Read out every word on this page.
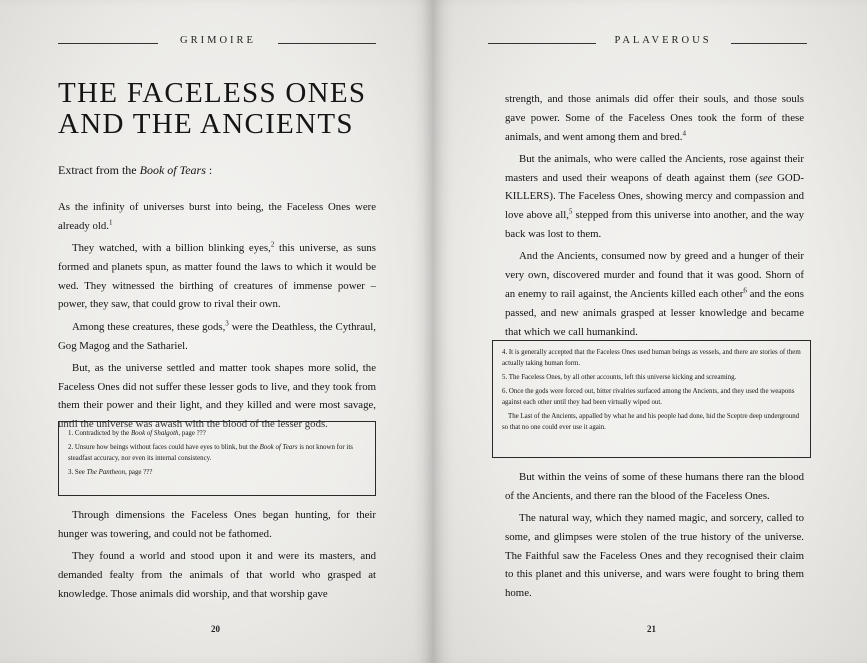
GRIMOIRE
THE FACELESS ONES
AND THE ANCIENTS
Extract from the Book of Tears :

As the infinity of universes burst into being, the Faceless Ones were already old.$^1$

They watched, with a billion blinking eyes,$^2$ this universe, as suns formed and planets spun, as matter found the laws to which it would be wed. They witnessed the birthing of creatures of immense power – power, they saw, that could grow to rival their own.

Among these creatures, these gods,$^3$ were the Deathless, the Cythraul, Gog Magog and the Sathariel.

But, as the universe settled and matter took shapes more solid, the Faceless Ones did not suffer these lesser gods to live, and they took from them their power and their light, and they killed and were most savage, until the universe was awash with the blood of the lesser gods.

1. Contradicted by the Book of Shalgoth, page ???

2. Unsure how beings without faces could have eyes to blink, but the Book of Tears is not known for its steadfast accuracy, nor even its internal consistency.

3. See The Pantheon, page ???

Through dimensions the Faceless Ones began hunting, for their hunger was towering, and could not be fathomed.

They found a world and stood upon it and were its masters, and demanded fealty from the animals of that world who grasped at knowledge. Those animals did worship, and that worship gave

20
PALAVEROUS

strength, and those animals did offer their souls, and those souls gave power. Some of the Faceless Ones took the form of these animals, and went among them and bred.$^4$

But the animals, who were called the Ancients, rose against their masters and used their weapons of death against them (see GOD-KILLERS). The Faceless Ones, showing mercy and compassion and love above all,$^5$ stepped from this universe into another, and the way back was lost to them.

And the Ancients, consumed now by greed and a hunger of their very own, discovered murder and found that it was good. Shorn of an enemy to rail against, the Ancients killed each other$^6$ and the eons passed, and new animals grasped at lesser knowledge and became that which we call humankind.

4. It is generally accepted that the Faceless Ones used human beings as vessels, and there are stories of them actually taking human form.

5. The Faceless Ones, by all other accounts, left this universe kicking and screaming.

6. Once the gods were forced out, bitter rivalries surfaced among the Ancients, and they used the weapons against each other until they had been virtually wiped out.

The Last of the Ancients, appalled by what he and his people had done, hid the Sceptre deep underground so that no one could ever use it again.

But within the veins of some of these humans there ran the blood of the Ancients, and there ran the blood of the Faceless Ones.

The natural way, which they named magic, and sorcery, called to some, and glimpses were stolen of the true history of the universe. The Faithful saw the Faceless Ones and they recognised their claim to this planet and this universe, and wars were fought to bring them home.

21
